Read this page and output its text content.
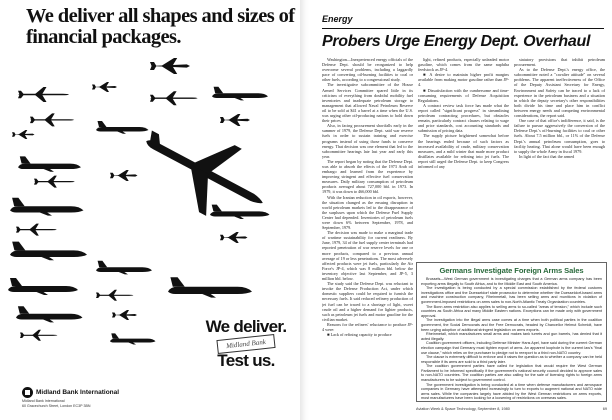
We deliver all shapes and sizes of financial packages.
We deliver.
Midland Bank
Test us.
Midland Bank International
Midland Bank International
60 Gracechurch Street, London EC3P 3BN
Energy
Probers Urge Energy Dept. Overhaul

Washington—Inexperienced energy officials of the Defense Dept. should be reorganized to help overcome several problems, including a laggardly pace of converting oil-burning facilities to coal or other fuels, according to a congressional study.

The investigative subcommittee of the House Armed Services Committee spared little in its criticism of everything from doubtful mobility fuel inventories and inadequate petroleum storage to management that allowed Naval Petroleum Reserve oil to be sold at $41 a barrel at a time when the U.S. was urging other oil-producing nations to hold down their prices.

Also, in facing procurement shortfalls early in the summer of 1979, the Defense Dept. said war reserve fuels in order to sustain training and exercise programs instead of using those funds to conserve energy. That decision was one element that led to the subcommittee hearings late last year and early this year.

The report began by noting that the Defense Dept. was able to absorb the effects of the 1973 Arab oil embargo and learned from the experience by improving stringent and effective fuel conservation measures. Daily military consumption of petroleum products averaged about 727,000 bbl. in 1973. In 1979, it was down to 466,000 bbl.

With the Iranian reduction in oil exports, however, the situation changed as the ensuing disruption in world petroleum markets led to the disappearance of the surpluses upon which the Defense Fuel Supply Center had depended. Inventories of petroleum fuels were down 6% between September, 1978, and September, 1979.

The decision was made to make a marginal trade of wartime sustainability for current readiness. By June, 1979, 34 of the fuel supply center terminals had reported penetration of war reserve levels for one or more products, compared to a previous annual average of 19 or less penetrations. The most adversely affected products were jet fuels, particularly the Air Force's JP-4, which was 8 million bbl. below the inventory objective last September, and JP-5, 3 million bbl. below.

The study said the Defense Dept. was reluctant to invoke the Defense Production Act, under which domestic suppliers could be required to furnish the necessary fuels. It said reduced refinery production of jet fuel can be traced to a shortage of light, sweet crude oil and a higher demand for lighter products, such as petroleum jet fuels and motor gasoline for the civilian market.

Reasons for the refiners' reluctance to produce JP-4 were:

■ Lack of refining capacity to produce

light, refined products, especially unleaded motor gasoline, which comes from the same naphtha feedstock as JP-4.

■ A desire to maintain higher profit margins available from making motor gasoline rather than JP-4.

■ Dissatisfaction with the cumbersome and time-consuming requirements of Defense Acquisition Regulations.

A contract review task force has made what the report called "significant progress" in streamlining petroleum contracting procedures, but obstacles remain, particularly contract clauses relating to wage and price standards, cost accounting standards and submission of pricing data.

The supply picture brightened somewhat before the hearings ended because of such factors as increased availability of crude, military conservation measures, and a mild winter that made more product distillates available for refining into jet fuels. The report still urged the Defense Dept. to keep Congress informed of any

statutory provisions that inhibit petroleum procurement.

As to the Defense Dept.'s energy office, the subcommittee noted a "cavalier attitude" on several problems. The apparent ineffectiveness of the Office of the Deputy Assistant Secretary for Energy, Environment and Safety can be traced to a lack of experience in the petroleum business and a situation in which the deputy secretary's other responsibilities both divide his time and place him in conflict between energy needs and competing environmental considerations, the report said.

One case of that office's indifference, it said, is the failure to pursue aggressively the conversion of the Defense Dept.'s oil-burning facilities to coal or other fuels. About 7.5 million bbl., or 11% of the Defense Dept.'s annual petroleum consumption, goes to facility heating. That alone would have been enough to supply the whole Army in fiscal 1979.

In light of the fact that the armed

Germans Investigate Foreign Arms Sales

Brussels—West German government is investigating charges that a German arms company has been exporting arms illegally to South Africa, and to the Middle East and South America.

The investigation is being conducted by a special commission established by the federal customs investigations office and the Duesseldorf state prosecutor to determine whether the Duesseldorf-based arms and machine construction company, Rheinmetall, has been selling arms and munitions in violation of government-imposed restrictions on arms sales to non-North Atlantic Treaty Organization countries.

The Bonn arms restriction also applies to selling arms to so-called "areas of tension," which include such countries as South Africa and many Middle Eastern nations. Exceptions can be made only with government approval.

The investigation into the illegal arms case comes at a time when both political parties in the coalition government, the Social Democrats and the Free Democrats, headed by Chancellor Helmut Schmidt, have been urging adoption of additional stringent legislation on arms exports.

Rheinmetall, which manufactures small arms and makes tank turrets and gun barrels, has denied that it acted illegally.

Coalition government officers, including Defense Minister Hans Apel, have said during the current German election campaign that Germany must tighten export of arms. An apparent loophole is the current law's "final use clause," which relies on the purchaser to pledge not to reexport to a third non-NATO country.

The clause is extremely difficult to enforce and it raises the question as to whether a company can be held responsible if its arms are sold to a third party later.

The coalition government parties have called for legislation that would require the West German Parliament to be informed specifically if the government's national security council decided to approve sales to non-NATO countries. The coalition parties are also calling for the sale of licensing rights to foreign arms manufacturers to be subject to government control.

The government investigation is being conducted at a time when defense manufacturers and aerospace companies in Germany have attempted increasingly to turn to exports to augment national and NATO wide arms sales. While the companies largely have abided by the West German restrictions on arms exports, most manufacturers have been looking for a loosening of restrictions on overseas sales.

Aviation Week & Space Technology, September 8, 1980	69
